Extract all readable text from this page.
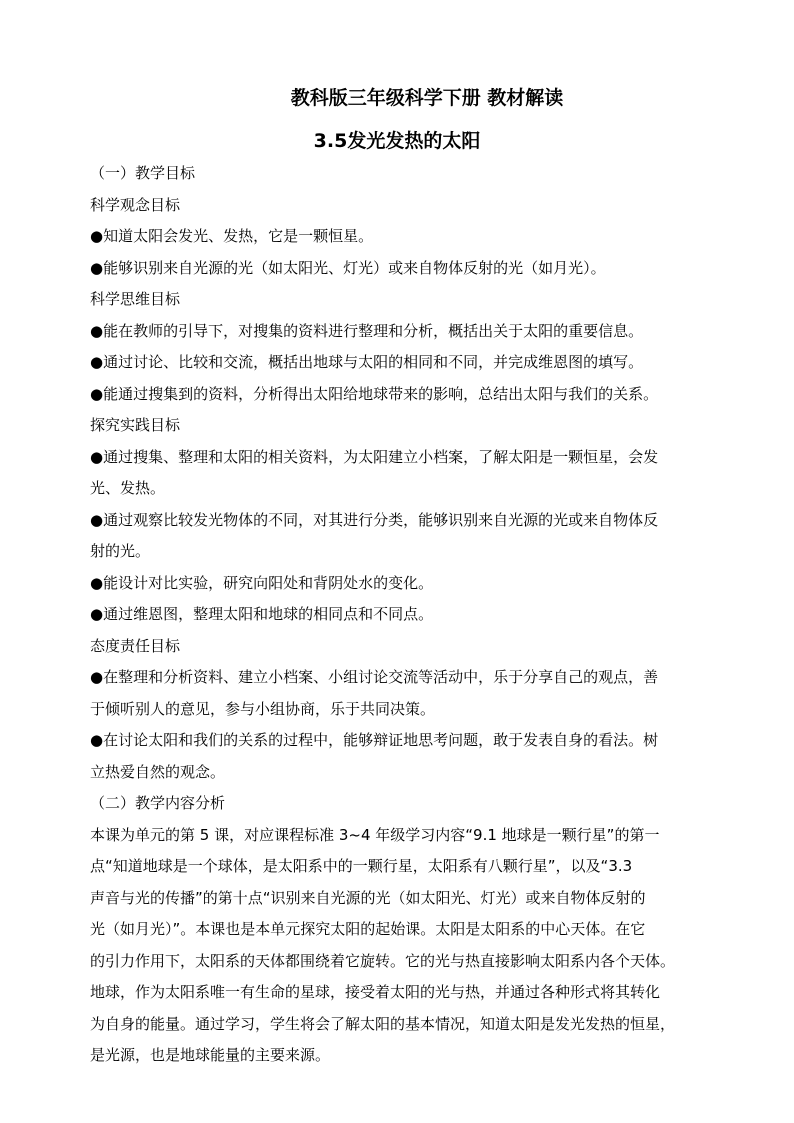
教科版三年级科学下册 教材解读
3.5发光发热的太阳
（一）教学目标
科学观念目标
●知道太阳会发光、发热，它是一颗恒星。
●能够识别来自光源的光（如太阳光、灯光）或来自物体反射的光（如月光）。
科学思维目标
●能在教师的引导下，对搜集的资料进行整理和分析，概括出关于太阳的重要信息。
●通过讨论、比较和交流，概括出地球与太阳的相同和不同，并完成维恩图的填写。
●能通过搜集到的资料，分析得出太阳给地球带来的影响，总结出太阳与我们的关系。
探究实践目标
●通过搜集、整理和太阳的相关资料，为太阳建立小档案，了解太阳是一颗恒星，会发
光、发热。
●通过观察比较发光物体的不同，对其进行分类，能够识别来自光源的光或来自物体反
射的光。
●能设计对比实验，研究向阳处和背阴处水的变化。
●通过维恩图，整理太阳和地球的相同点和不同点。
态度责任目标
●在整理和分析资料、建立小档案、小组讨论交流等活动中，乐于分享自己的观点，善
于倾听别人的意见，参与小组协商，乐于共同决策。
●在讨论太阳和我们的关系的过程中，能够辩证地思考问题，敢于发表自身的看法。树
立热爱自然的观念。
（二）教学内容分析
本课为单元的第 5 课，对应课程标准 3~4 年级学习内容“9.1 地球是一颗行星”的第一
点“知道地球是一个球体，是太阳系中的一颗行星，太阳系有八颗行星”，以及“3.3
声音与光的传播”的第十点“识别来自光源的光（如太阳光、灯光）或来自物体反射的
光（如月光）”。本课也是本单元探究太阳的起始课。太阳是太阳系的中心天体。在它
的引力作用下，太阳系的天体都围绕着它旋转。它的光与热直接影响太阳系内各个天体。
地球，作为太阳系唯一有生命的星球，接受着太阳的光与热，并通过各种形式将其转化
为自身的能量。通过学习，学生将会了解太阳的基本情况，知道太阳是发光发热的恒星，
是光源，也是地球能量的主要来源。
